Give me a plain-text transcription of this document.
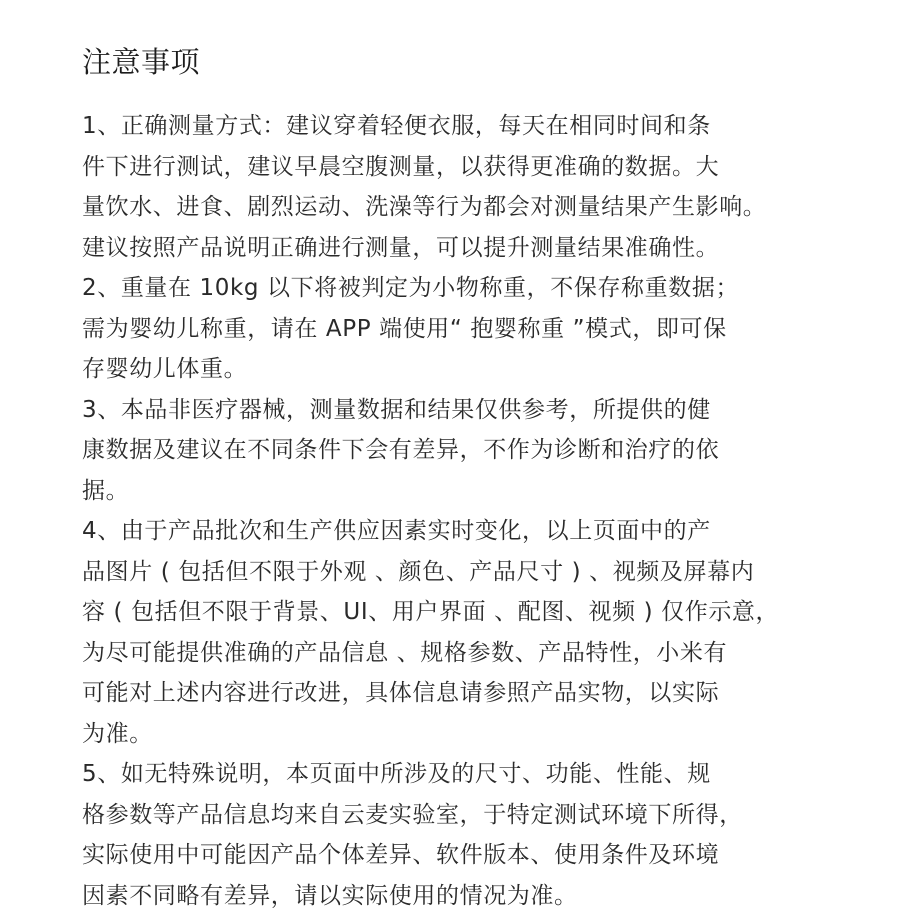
注意事项
1、正确测量方式：建议穿着轻便衣服，每天在相同时间和条
件下进行测试，建议早晨空腹测量，以获得更准确的数据。大
量饮水、进食、剧烈运动、洗澡等行为都会对测量结果产生影响。
建议按照产品说明正确进行测量，可以提升测量结果准确性。
2、重量在 10kg 以下将被判定为小物称重，不保存称重数据；
需为婴幼儿称重，请在 APP 端使用“ 抱婴称重 ”模式，即可保
存婴幼儿体重。
3、本品非医疗器械，测量数据和结果仅供参考，所提供的健
康数据及建议在不同条件下会有差异，不作为诊断和治疗的依
据。
4、由于产品批次和生产供应因素实时变化，以上页面中的产
品图片 ( 包括但不限于外观 、颜色、产品尺寸 ) 、视频及屏幕内
容 ( 包括但不限于背景、UI、用户界面 、配图、视频 ) 仅作示意，
为尽可能提供准确的产品信息 、规格参数、产品特性，小米有
可能对上述内容进行改进，具体信息请参照产品实物，以实际
为准。
5、如无特殊说明，本页面中所涉及的尺寸、功能、性能、规
格参数等产品信息均来自云麦实验室，于特定测试环境下所得，
实际使用中可能因产品个体差异、软件版本、使用条件及环境
因素不同略有差异，请以实际使用的情况为准。
